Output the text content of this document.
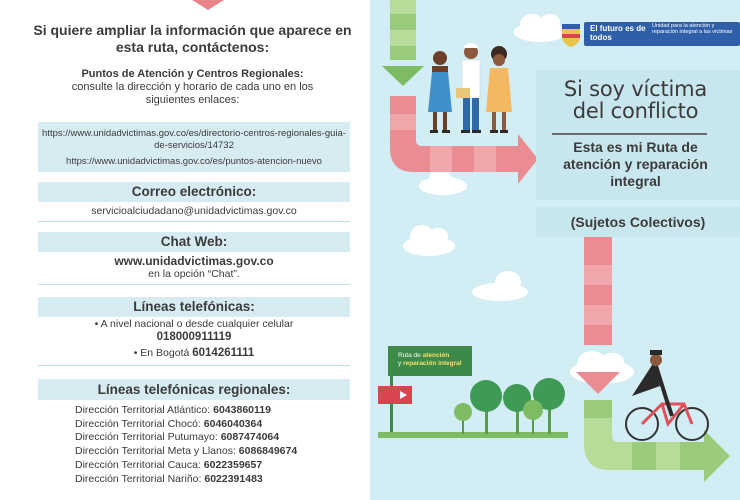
Si quiere ampliar la información que aparece en esta ruta, contáctenos:
Puntos de Atención y Centros Regionales:
consulte la dirección y horario de cada uno en los siguientes enlaces:
https://www.unidadvictimas.gov.co/es/directorio-centros-regionales-guia-de-servicios/14732
https://www.unidadvictimas.gov.co/es/puntos-atencion-nuevo
Correo electrónico:
servicioalciudadano@unidadvictimas.gov.co
Chat Web:
www.unidadvictimas.gov.co
en la opción “Chat”.
Líneas telefónicas:
• A nivel nacional o desde cualquier celular
018000911119
• En Bogotá 6014261111
Líneas telefónicas regionales:
Dirección Territorial Atlántico: 6043860119
Dirección Territorial Chocó: 6046040364
Dirección Territorial Putumayo: 6087474064
Dirección Territorial Meta y Llanos: 6086849674
Dirección Territorial Cauca: 6022359657
Dirección Territorial Nariño: 6022391483
El futuro es de todos
Unidad para la atención y reparación integral a las víctimas
Si soy víctima del conflicto
Esta es mi Ruta de atención y reparación integral
(Sujetos Colectivos)
Ruta de atención
y reparación integral
